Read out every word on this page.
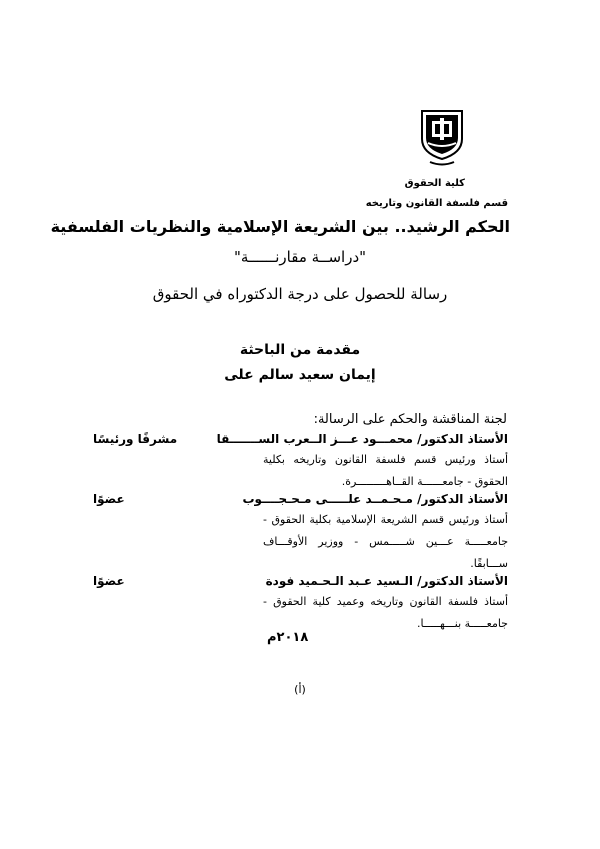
كلية الحقوق
قسم فلسفة القانون وتاريخه
الحكم الرشيد.. بين الشريعة الإسلامية والنظريات الفلسفية
"دراســة مقارنــــــة"
رسالة للحصول على درجة الدكتوراه في الحقوق
مقدمة من الباحثة
إيمان سعيد سالم على
لجنة المناقشة والحكم على الرسالة:
الأستاذ الدكتور/ محمـــود عـــز الــعرب الســـــــقا
مشرفًا ورئيسًا
أستاذ ورئيس قسم فلسفة القانون وتاريخه بكلية الحقوق - جامعــــــة القــاهـــــــــرة.
الأستاذ الدكتور/ مـحـمــد علـــــى مـحـجــــوب
عضوًا
أستاذ ورئيس قسم الشريعة الإسلامية بكلية الحقوق - جامعـــــة عـــين شـــــمس - ووزير الأوقـــاف ســـابقًا.
الأستاذ الدكتور/ الـسيد عـبد الـحـميد فودة
عضوًا
أستاذ فلسفة القانون وتاريخه وعميد كلية الحقوق - جامعـــــة بنـــهـــــا.
٢٠١٨م
(أ)
